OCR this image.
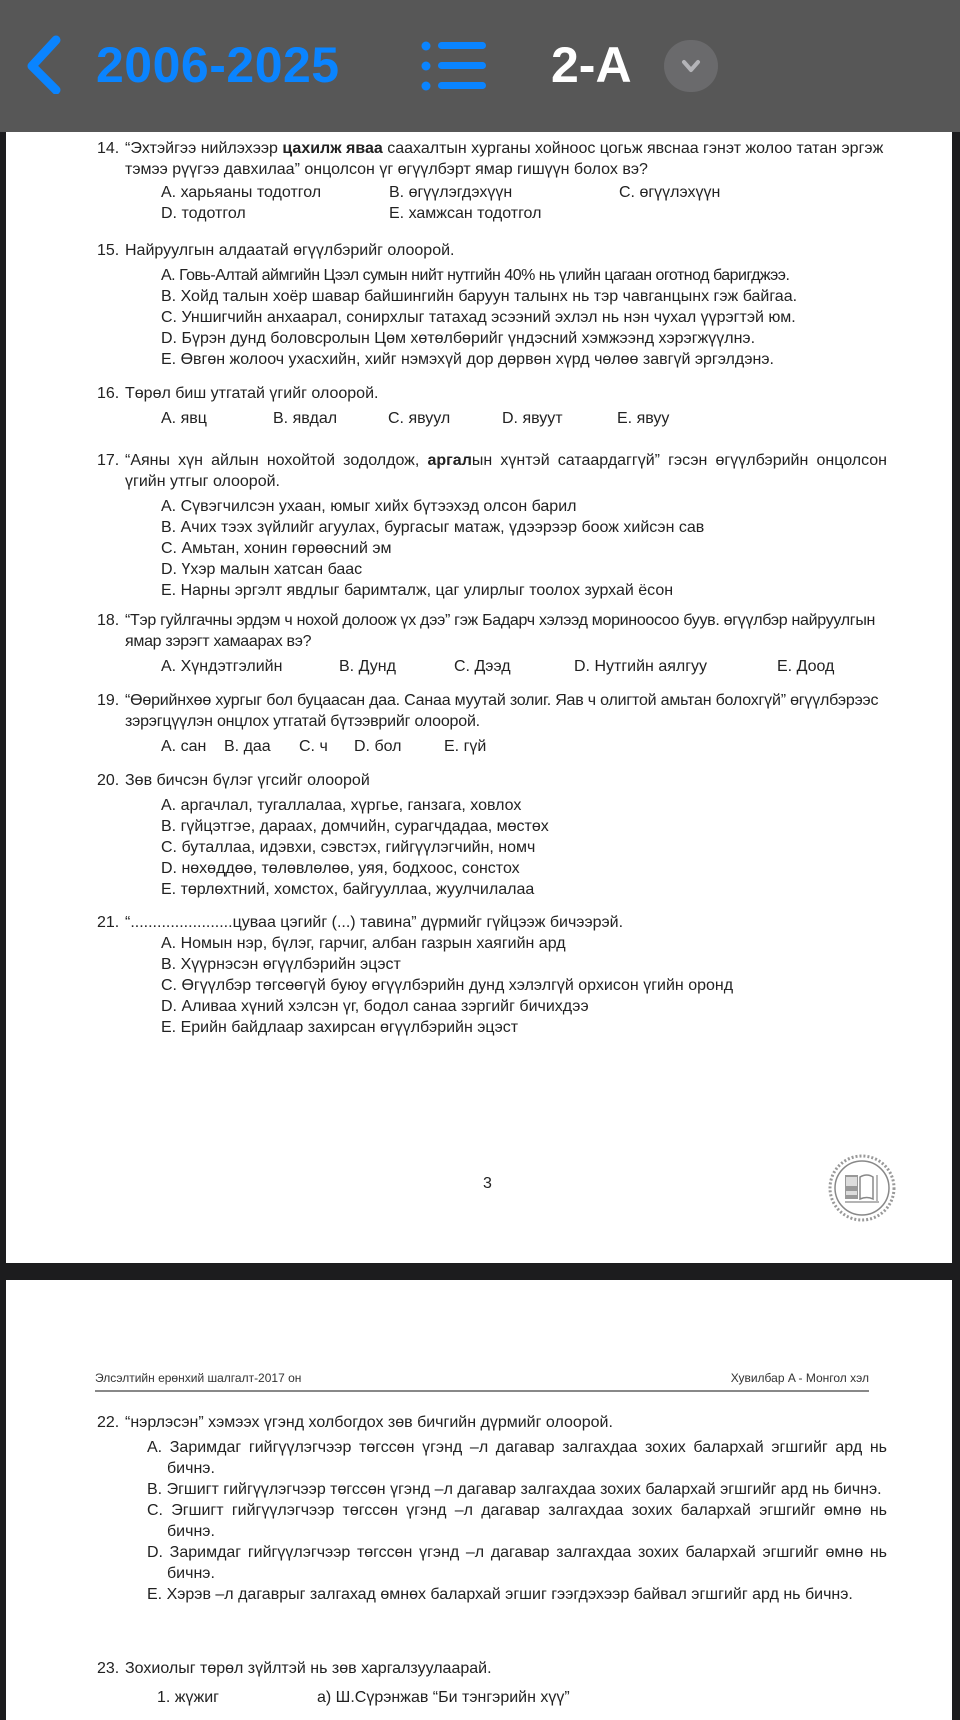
2006-2025	2-A
14. “Эхтэйгээ нийлэхээр цахилж яваа саахалтын хурганы хойноос цогьж явснаа гэнэт жолоо татан эргэж тэмээ рүүгээ давхилаа” онцолсон үг өгүүлбэрт ямар гишүүн болох вэ?
A. харьяаны тодотгол	B. өгүүлэгдэхүүн	C. өгүүлэхүүн
D. тодотгол	E. хамжсан тодотгол
15. Найруулгын алдаатай өгүүлбэрийг олоорой.
A. Говь-Алтай аймгийн Цээл сумын нийт нутгийн 40% нь үлийн цагаан оготнод баригджээ.
B. Хойд талын хоёр шавар байшингийн баруун талынх нь тэр чавганцынх гэж байгаа.
C. Уншигчийн анхаарал, сонирхлыг татахад эсээний эхлэл нь нэн чухал үүрэгтэй юм.
D. Бүрэн дунд боловсролын Цөм хөтөлбөрийг үндэсний хэмжээнд хэрэгжүүлнэ.
E. Өвгөн жолооч ухасхийн, хийг нэмэхүй дор дөрвөн хүрд чөлөө завгүй эргэлдэнэ.
16. Төрөл биш утгатай үгийг олоорой.
A. явц	B. явдал	C. явуул	D. явуут	E. явуу
17. “Аяны хүн айлын нохойтой зодолдож, аргалын хүнтэй сатаардаггүй” гэсэн өгүүлбэрийн онцолсон үгийн утгыг олоорой.
A. Сүвэгчилсэн ухаан, юмыг хийх бүтээхэд олсон барил
B. Ачих тээх зүйлийг агуулах, бургасыг матаж, үдээрээр боож хийсэн сав
C. Амьтан, хонин гөрөөсний эм
D. Үхэр малын хатсан баас
E. Нарны эргэлт явдлыг баримталж, цаг улирлыг тоолох зурхай ёсон
18. “Тэр гуйлгачны эрдэм ч нохой долоож үх дээ” гэж Бадарч хэлээд мориноосоо буув. өгүүлбэр найруулгын ямар зэрэгт хамаарах вэ?
A. Хүндэтгэлийн	B. Дунд	C. Дээд	D. Нутгийн аялгуу	E. Доод
19. “Өөрийнхөө хургыг бол буцаасан даа. Санаа муутай золиг. Яав ч олигтой амьтан болохгүй” өгүүлбэрээс зэрэгцүүлэн онцлох утгатай бүтээврийг олоорой.
A. сан	B. даа	C. ч	D. бол	E. гүй
20. Зөв бичсэн бүлэг үгсийг олоорой
A. аргачлал, тугаллалаа, хүргье, ганзага, ховлох
B. гүйцэтгэе, дараах, домчийн, сурагчдадаа, мөстөх
C. буталлаа, идэвхи, сэвстэх, гийгүүлэгчийн, номч
D. нөхөддөө, төлөвлөлөө, уяя, бодхоос, сонстох
E. төрлөхтний, хомстох, байгууллаа, жуулчилалаа
21. “.......................цуваа цэгийг (...) тавина” дүрмийг гүйцээж бичээрэй.
A. Номын нэр, бүлэг, гарчиг, албан газрын хаягийн ард
B. Хүүрнэсэн өгүүлбэрийн эцэст
C. Өгүүлбэр төгсөөгүй буюу өгүүлбэрийн дунд хэлэлгүй орхисон үгийн оронд
D. Аливаа хүний хэлсэн үг, бодол санаа зэргийг бичихдээ
E. Ерийн байдлаар захирсан өгүүлбэрийн эцэст
3
Элсэлтийн ерөнхий шалгалт-2017 он	Хувилбар A - Монгол хэл
22. “нэрлэсэн” хэмээх үгэнд холбогдох зөв бичгийн дүрмийг олоорой.
A. Заримдаг гийгүүлэгчээр төгссөн үгэнд –л дагавар залгахдаа зохих балархай эгшгийг ард нь бичнэ.
B. Эгшигт гийгүүлэгчээр төгссөн үгэнд –л дагавар залгахдаа зохих балархай эгшгийг ард нь бичнэ.
C. Эгшигт гийгүүлэгчээр төгссөн үгэнд –л дагавар залгахдаа зохих балархай эгшгийг өмнө нь бичнэ.
D. Заримдаг гийгүүлэгчээр төгссөн үгэнд –л дагавар залгахдаа зохих балархай эгшгийг өмнө нь бичнэ.
E. Хэрэв –л дагаврыг залгахад өмнөх балархай эгшиг гээгдэхээр байвал эгшгийг ард нь бичнэ.
23. Зохиолыг төрөл зүйлтэй нь зөв харгалзуулаарай.
1. жүжиг	а) Ш.Сүрэнжав “Би тэнгэрийн хүү”
